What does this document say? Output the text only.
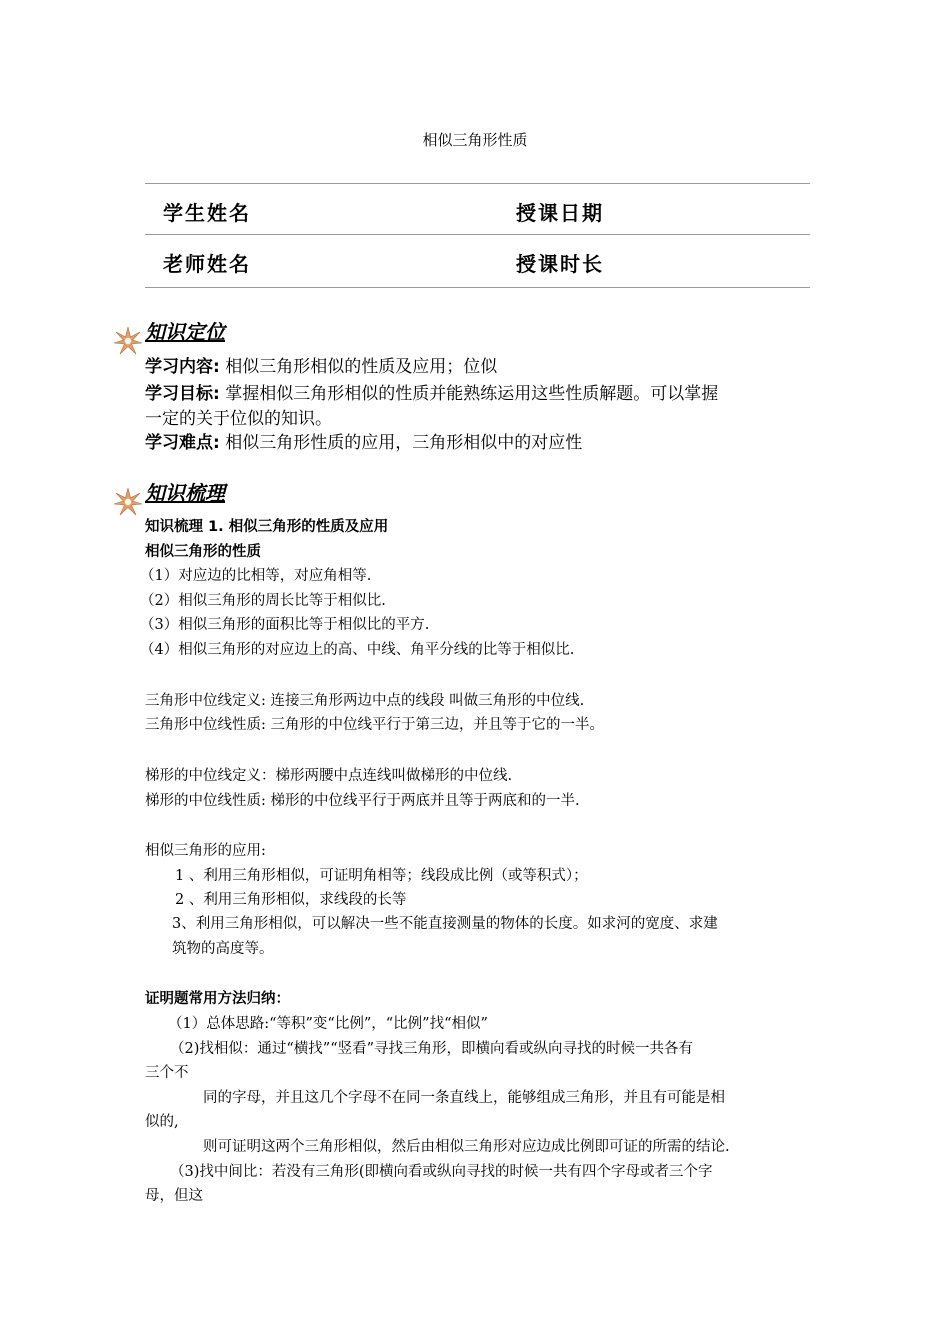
相似三角形性质
学生姓名	授课日期
老师姓名	授课时长
知识定位
学习内容: 相似三角形相似的性质及应用；位似
学习目标: 掌握相似三角形相似的性质并能熟练运用这些性质解题。可以掌握
一定的关于位似的知识。
学习难点: 相似三角形性质的应用，三角形相似中的对应性
知识梳理
知识梳理 1. 相似三角形的性质及应用
相似三角形的性质
（1）对应边的比相等，对应角相等.
（2）相似三角形的周长比等于相似比.
（3）相似三角形的面积比等于相似比的平方.
（4）相似三角形的对应边上的高、中线、角平分线的比等于相似比.
三角形中位线定义: 连接三角形两边中点的线段 叫做三角形的中位线.
三角形中位线性质: 三角形的中位线平行于第三边，并且等于它的一半。
梯形的中位线定义：梯形两腰中点连线叫做梯形的中位线.
梯形的中位线性质: 梯形的中位线平行于两底并且等于两底和的一半.
相似三角形的应用:
1 、利用三角形相似，可证明角相等；线段成比例（或等积式）；
2 、利用三角形相似，求线段的长等
3、利用三角形相似，可以解决一些不能直接测量的物体的长度。如求河的宽度、求建
筑物的高度等。
证明题常用方法归纳：
（1）总体思路:“等积”变“比例”，“比例”找“相似”
（2)找相似：通过“横找”“竖看”寻找三角形，即横向看或纵向寻找的时候一共各有
三个不
同的字母，并且这几个字母不在同一条直线上，能够组成三角形，并且有可能是相
似的,
则可证明这两个三角形相似，然后由相似三角形对应边成比例即可证的所需的结论.
（3)找中间比：若没有三角形(即横向看或纵向寻找的时候一共有四个字母或者三个字
母，但这
